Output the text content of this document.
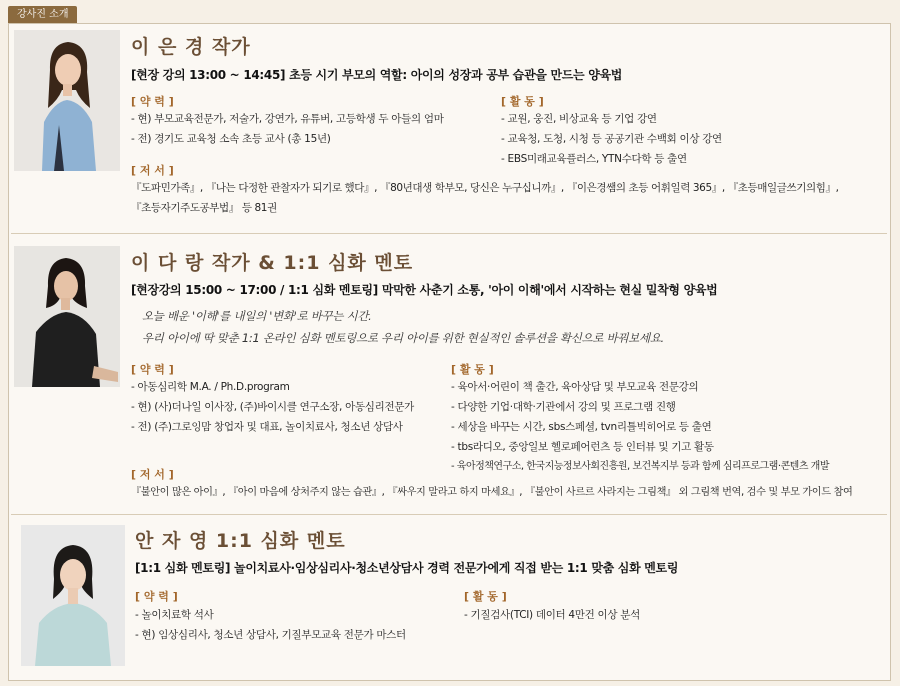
강사진 소개
이 은 경 작가
[현장 강의 13:00 ~ 14:45] 초등 시기 부모의 역할: 아이의 성장과 공부 습관을 만드는 양육법
[ 약 력 ]
- 현) 부모교육전문가, 저술가, 강연가, 유튜버, 고등학생 두 아들의 엄마
- 전) 경기도 교육청 소속 초등 교사 (총 15년)
[ 활 동 ]
- 교원, 웅진, 비상교육 등 기업 강연
- 교육청, 도청, 시청 등 공공기관 수백회 이상 강연
- EBS미래교육플러스, YTN수다학 등 출연
[ 저 서 ]
『도파민가족』, 『나는 다정한 관찰자가 되기로 했다』, 『80년대생 학부모, 당신은 누구십니까』, 『이은경쌤의 초등 어휘일력 365』, 『초등매일글쓰기의힘』,
『초등자기주도공부법』 등 81권
이 다 랑 작가 & 1:1 심화 멘토
[현장강의 15:00 ~ 17:00 / 1:1 심화 멘토링] 막막한 사춘기 소통, '아이 이해'에서 시작하는 현실 밀착형 양육법
오늘 배운 '이해'를 내일의 '변화'로 바꾸는 시간.
우리 아이에 딱 맞춘 1:1 온라인 심화 멘토링으로 우리 아이를 위한 현실적인 솔루션을 확신으로 바꿔보세요.
[ 약 력 ]
- 아동심리학 M.A. / Ph.D.program
- 현) (사)더나일 이사장, (주)바이시클 연구소장, 아동심리전문가
- 전) (주)그로잉맘 창업자 및 대표, 놀이치료사, 청소년 상담사
[ 활 동 ]
- 육아서·어린이 책 출간, 육아상담 및 부모교육 전문강의
- 다양한 기업·대학·기관에서 강의 및 프로그램 진행
- 세상을 바꾸는 시간, sbs스페셜, tvn리틀빅히어로 등 출연
- tbs라디오, 중앙일보 헬로페어런츠 등 인터뷰 및 기고 활동
- 육아정책연구소, 한국지능정보사회진흥원, 보건복지부 등과 함께 심리프로그램·콘텐츠 개발
[ 저 서 ]
『불안이 많은 아이』, 『아이 마음에 상처주지 않는 습관』, 『싸우지 말라고 하지 마세요』, 『불안이 사르르 사라지는 그림책』 외 그림책 번역, 검수 및 부모 가이드 참여
안 자 영 1:1 심화 멘토
[1:1 심화 멘토링] 놀이치료사·임상심리사·청소년상담사 경력 전문가에게 직접 받는 1:1 맞춤 심화 멘토링
[ 약 력 ]
- 놀이치료학 석사
- 현) 임상심리사, 청소년 상담사, 기질부모교육 전문가 마스터
[ 활 동 ]
- 기질검사(TCI) 데이터 4만건 이상 분석
